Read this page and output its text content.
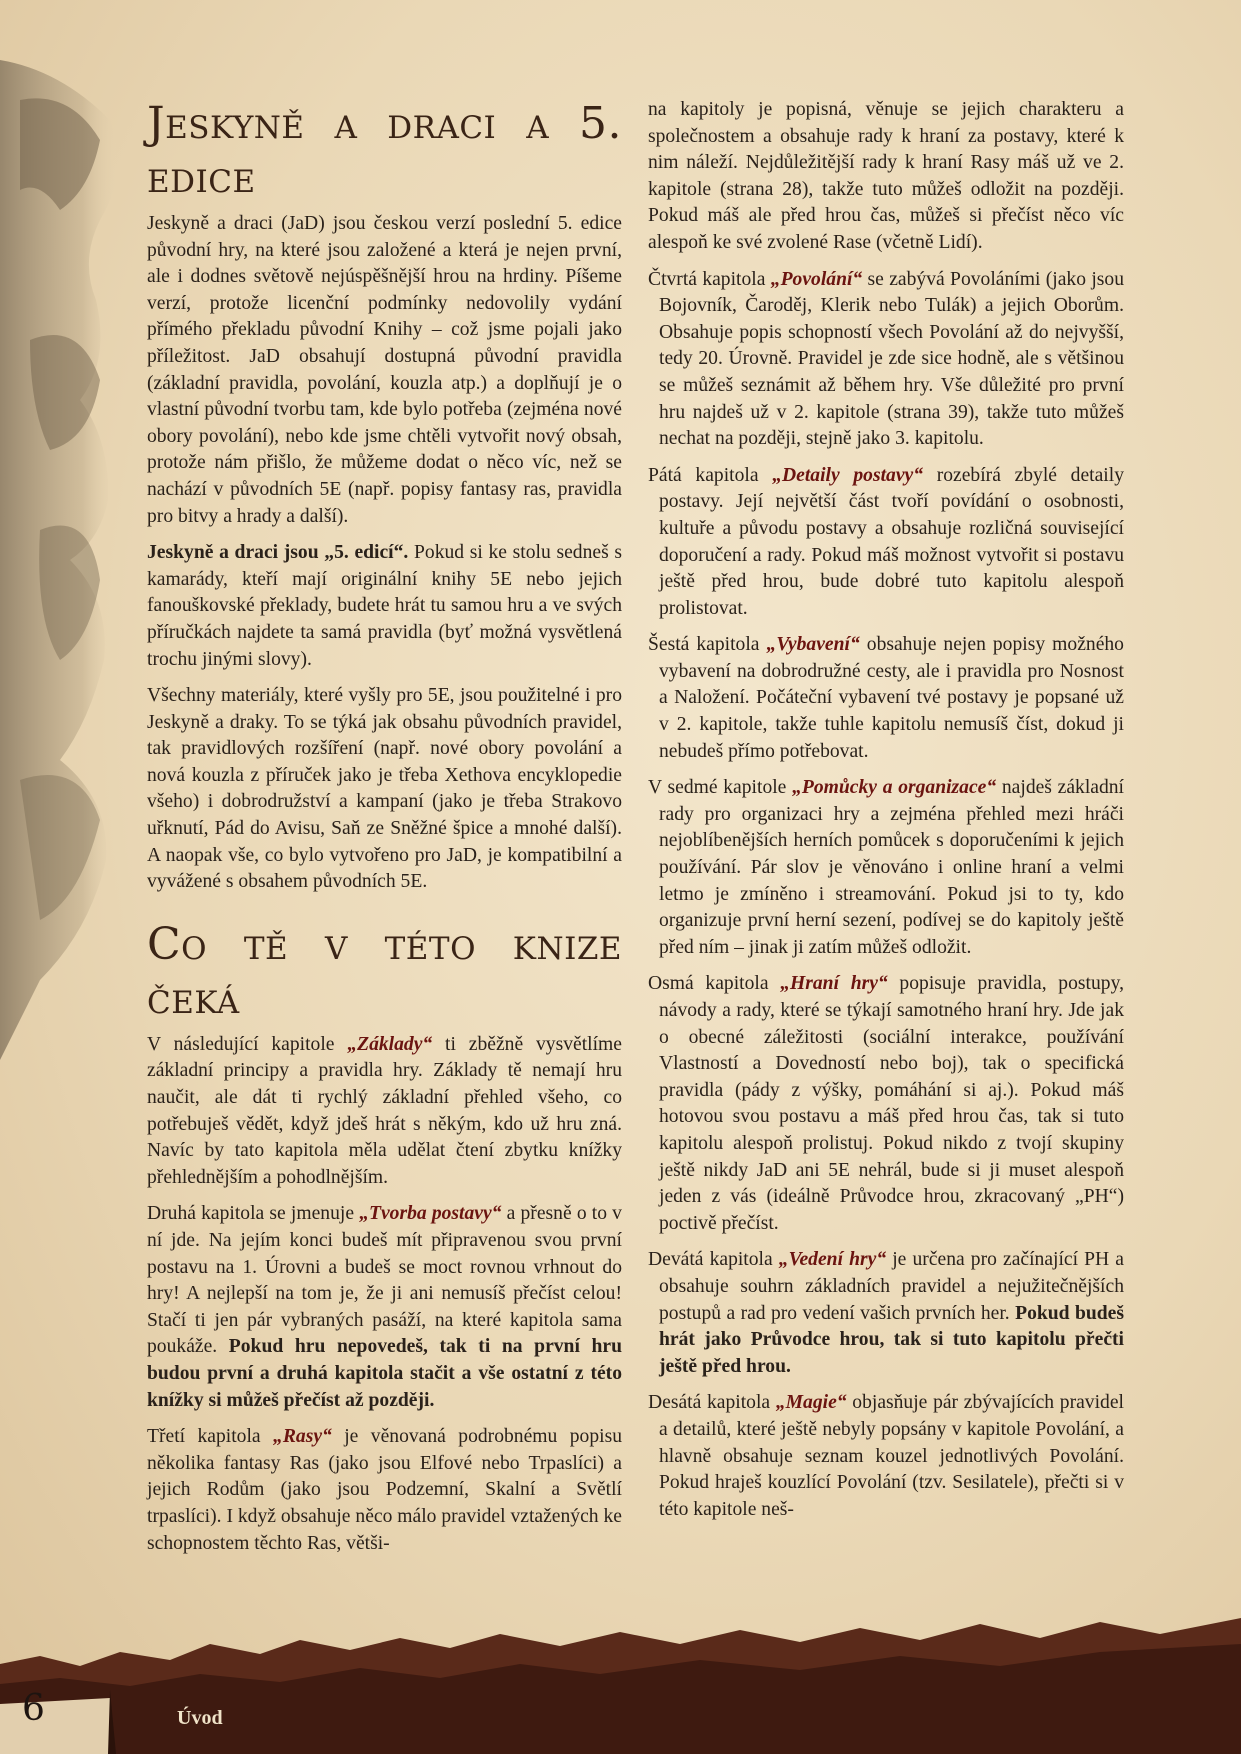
Jeskyně a draci a 5. edice

Jeskyně a draci (JaD) jsou českou verzí poslední 5. edice původní hry, na které jsou založené a která je nejen první, ale i dodnes světově nejúspěšnější hrou na hrdiny. Píšeme verzí, protože licenční podmínky nedovolily vydání přímého překladu původní Knihy – což jsme pojali jako příležitost. JaD obsahují dostupná původní pravidla (základní pravidla, povolání, kouzla atp.) a doplňují je o vlastní původní tvorbu tam, kde bylo potřeba (zejména nové obory povolání), nebo kde jsme chtěli vytvořit nový obsah, protože nám přišlo, že můžeme dodat o něco víc, než se nachází v původních 5E (např. popisy fantasy ras, pravidla pro bitvy a hrady a další).

Jeskyně a draci jsou „5. edicí“. Pokud si ke stolu sedneš s kamarády, kteří mají originální knihy 5E nebo jejich fanouškovské překlady, budete hrát tu samou hru a ve svých příručkách najdete ta samá pravidla (byť možná vysvětlená trochu jinými slovy).

Všechny materiály, které vyšly pro 5E, jsou použitelné i pro Jeskyně a draky. To se týká jak obsahu původních pravidel, tak pravidlových rozšíření (např. nové obory povolání a nová kouzla z příruček jako je třeba Xethova encyklopedie všeho) i dobrodružství a kampaní (jako je třeba Strakovo uřknutí, Pád do Avisu, Saň ze Sněžné špice a mnohé další). A naopak vše, co bylo vytvořeno pro JaD, je kompatibilní a vyvážené s obsahem původních 5E.

Co tě v této knize čeká

V následující kapitole „Základy“ ti zběžně vysvětlíme základní principy a pravidla hry. Základy tě nemají hru naučit, ale dát ti rychlý základní přehled všeho, co potřebuješ vědět, když jdeš hrát s někým, kdo už hru zná. Navíc by tato kapitola měla udělat čtení zbytku knížky přehlednějším a pohodlnějším.

Druhá kapitola se jmenuje „Tvorba postavy“ a přesně o to v ní jde. Na jejím konci budeš mít připravenou svou první postavu na 1. Úrovni a budeš se moct rovnou vrhnout do hry! A nejlepší na tom je, že ji ani nemusíš přečíst celou! Stačí ti jen pár vybraných pasáží, na které kapitola sama poukáže. Pokud hru nepovedeš, tak ti na první hru budou první a druhá kapitola stačit a vše ostatní z této knížky si můžeš přečíst až později.

Třetí kapitola „Rasy“ je věnovaná podrobnému popisu několika fantasy Ras (jako jsou Elfové nebo Trpaslíci) a jejich Rodům (jako jsou Podzemní, Skalní a Světlí trpaslíci). I když obsahuje něco málo pravidel vztažených ke schopnostem těchto Ras, větši-

na kapitoly je popisná, věnuje se jejich charakteru a společnostem a obsahuje rady k hraní za postavy, které k nim náleží. Nejdůležitější rady k hraní Rasy máš už ve 2. kapitole (strana 28), takže tuto můžeš odložit na později. Pokud máš ale před hrou čas, můžeš si přečíst něco víc alespoň ke své zvolené Rase (včetně Lidí).

Čtvrtá kapitola „Povolání“ se zabývá Povoláními (jako jsou Bojovník, Čaroděj, Klerik nebo Tulák) a jejich Oborům. Obsahuje popis schopností všech Povolání až do nejvyšší, tedy 20. Úrovně. Pravidel je zde sice hodně, ale s většinou se můžeš seznámit až během hry. Vše důležité pro první hru najdeš už v 2. kapitole (strana 39), takže tuto můžeš nechat na později, stejně jako 3. kapitolu.

Pátá kapitola „Detaily postavy“ rozebírá zbylé detaily postavy. Její největší část tvoří povídání o osobnosti, kultuře a původu postavy a obsahuje rozličná související doporučení a rady. Pokud máš možnost vytvořit si postavu ještě před hrou, bude dobré tuto kapitolu alespoň prolistovat.

Šestá kapitola „Vybavení“ obsahuje nejen popisy možného vybavení na dobrodružné cesty, ale i pravidla pro Nosnost a Naložení. Počáteční vybavení tvé postavy je popsané už v 2. kapitole, takže tuhle kapitolu nemusíš číst, dokud ji nebudeš přímo potřebovat.

V sedmé kapitole „Pomůcky a organizace“ najdeš základní rady pro organizaci hry a zejména přehled mezi hráči nejoblíbenějších herních pomůcek s doporučeními k jejich používání. Pár slov je věnováno i online hraní a velmi letmo je zmíněno i streamování. Pokud jsi to ty, kdo organizuje první herní sezení, podívej se do kapitoly ještě před ním – jinak ji zatím můžeš odložit.

Osmá kapitola „Hraní hry“ popisuje pravidla, postupy, návody a rady, které se týkají samotného hraní hry. Jde jak o obecné záležitosti (sociální interakce, používání Vlastností a Dovedností nebo boj), tak o specifická pravidla (pády z výšky, pomáhání si aj.). Pokud máš hotovou svou postavu a máš před hrou čas, tak si tuto kapitolu alespoň prolistuj. Pokud nikdo z tvojí skupiny ještě nikdy JaD ani 5E nehrál, bude si ji muset alespoň jeden z vás (ideálně Průvodce hrou, zkracovaný „PH“) poctivě přečíst.

Devátá kapitola „Vedení hry“ je určena pro začínající PH a obsahuje souhrn základních pravidel a nejužitečnějších postupů a rad pro vedení vašich prvních her. Pokud budeš hrát jako Průvodce hrou, tak si tuto kapitolu přečti ještě před hrou.

Desátá kapitola „Magie“ objasňuje pár zbývajících pravidel a detailů, které ještě nebyly popsány v kapitole Povolání, a hlavně obsahuje seznam kouzel jednotlivých Povolání. Pokud hraješ kouzlící Povolání (tzv. Sesilatele), přečti si v této kapitole neš-

6	Úvod
